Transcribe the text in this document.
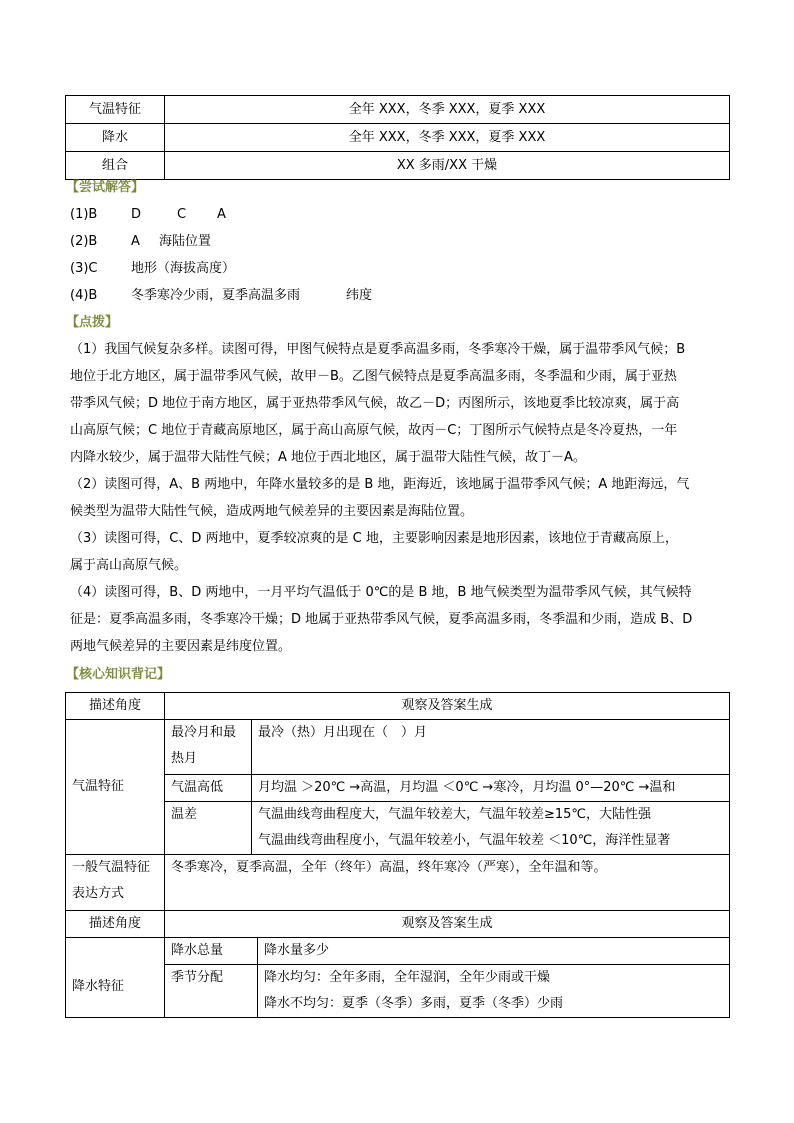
气温特征	全年 XXX，冬季 XXX，夏季 XXX
降水	全年 XXX，冬季 XXX，夏季 XXX
组合	XX 多雨/XX 干燥
【尝试解答】
(1)B	D	C A
(2)B	A 海陆位置
(3)C	地形（海拔高度）
(4)B	冬季寒冷少雨，夏季高温多雨	纬度
【点拨】
（1）我国气候复杂多样。读图可得，甲图气候特点是夏季高温多雨，冬季寒冷干燥，属于温带季风气候；B
地位于北方地区，属于温带季风气候，故甲－B。乙图气候特点是夏季高温多雨，冬季温和少雨，属于亚热
带季风气候；D 地位于南方地区，属于亚热带季风气候，故乙－D；丙图所示，该地夏季比较凉爽，属于高
山高原气候；C 地位于青藏高原地区，属于高山高原气候，故丙－C；丁图所示气候特点是冬冷夏热，一年
内降水较少，属于温带大陆性气候；A 地位于西北地区，属于温带大陆性气候，故丁－A。
（2）读图可得，A、B 两地中，年降水量较多的是 B 地，距海近，该地属于温带季风气候；A 地距海远，气
候类型为温带大陆性气候，造成两地气候差异的主要因素是海陆位置。
（3）读图可得，C、D 两地中，夏季较凉爽的是 C 地，主要影响因素是地形因素，该地位于青藏高原上，
属于高山高原气候。
（4）读图可得，B、D 两地中，一月平均气温低于 0℃的是 B 地，B 地气候类型为温带季风气候，其气候特
征是：夏季高温多雨，冬季寒冷干燥；D 地属于亚热带季风气候，夏季高温多雨，冬季温和少雨，造成 B、D
两地气候差异的主要因素是纬度位置。
【核心知识背记】
描述角度	观察及答案生成		
气温特征	最冷月和最热月	最冷（热）月出现在（　）月	
	气温高低	月均温 ＞20℃ →高温，月均温 ＜0℃ →寒冷，月均温 0°—20℃ →温和	
	温差	气温曲线弯曲程度大，气温年较差大，气温年较差≥15℃，大陆性强
气温曲线弯曲程度小，气温年较差小，气温年较差 ＜10℃，海洋性显著	

一般气温特征表达方式	冬季寒冷，夏季高温，全年（终年）高温，终年寒冷（严寒），全年温和等。		
描述角度	观察及答案生成		
降水特征	降水总量		降水量多少
	季节分配		降水均匀：全年多雨，全年湿润，全年少雨或干燥
降水不均匀：夏季（冬季）多雨，夏季（冬季）少雨
